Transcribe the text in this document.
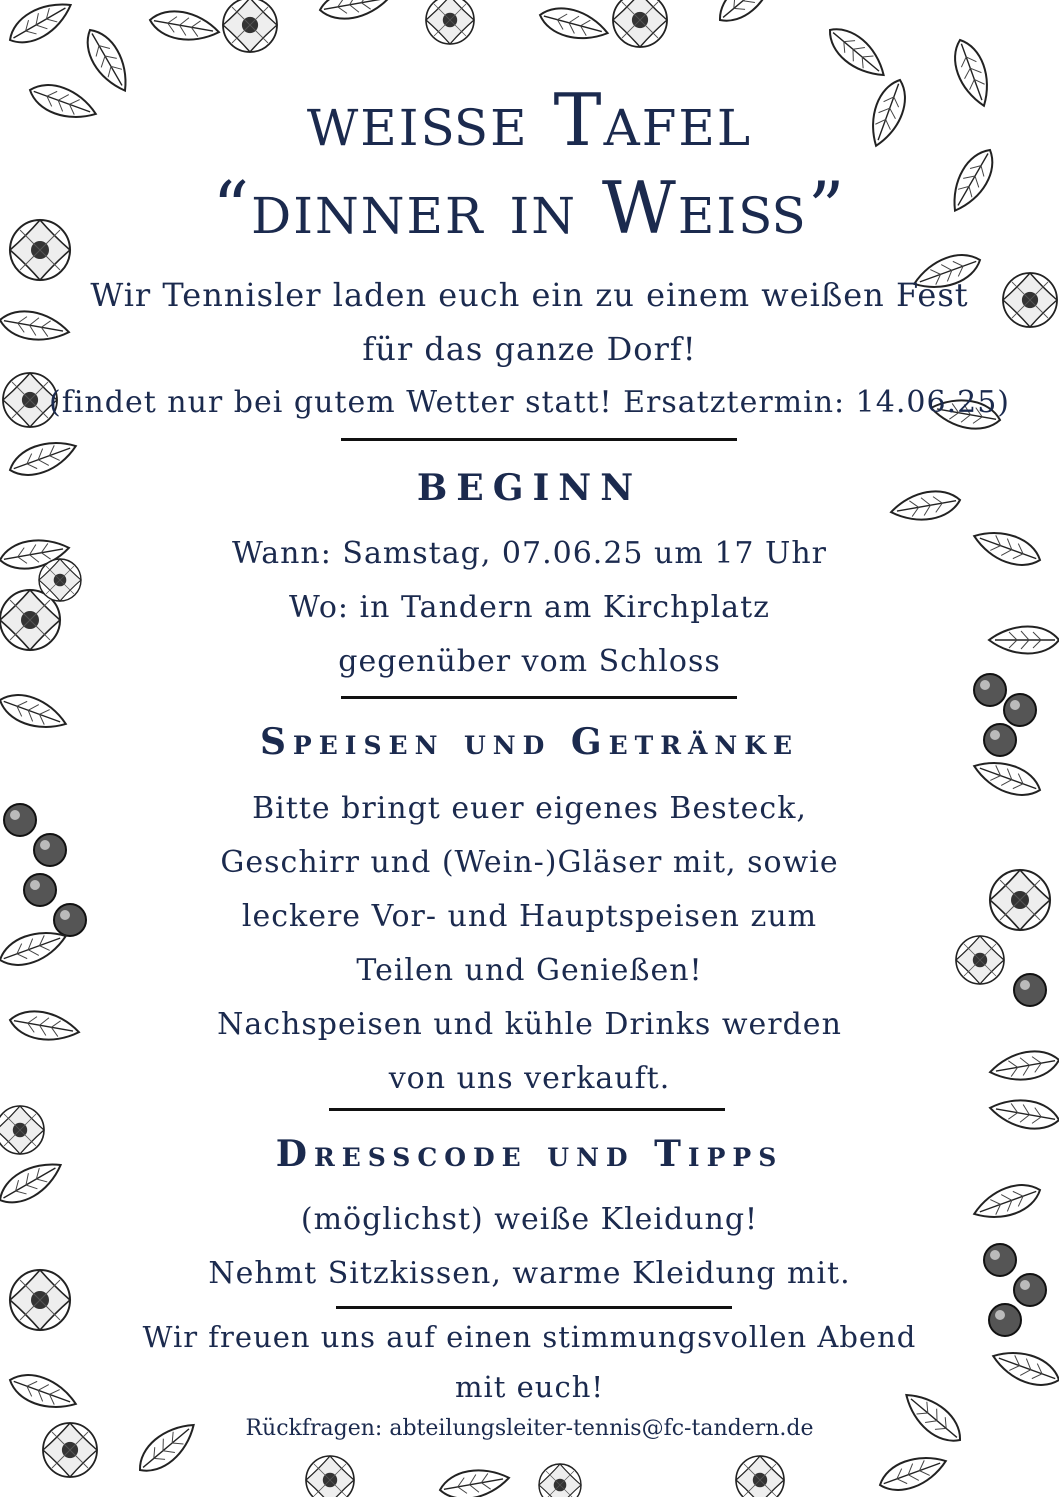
weiße Tafel
“dinner in Weiß”
Wir Tennisler laden euch ein zu einem weißen Fest
für das ganze Dorf!
(findet nur bei gutem Wetter statt! Ersatztermin: 14.06.25)
BEGINN
Wann: Samstag, 07.06.25 um 17 Uhr
Wo: in Tandern am Kirchplatz
gegenüber vom Schloss
Speisen und Getränke
Bitte bringt euer eigenes Besteck,
Geschirr und (Wein-)Gläser mit, sowie
leckere Vor- und Hauptspeisen zum
Teilen und Genießen!
Nachspeisen und kühle Drinks werden
von uns verkauft.
Dresscode und Tipps
(möglichst) weiße Kleidung!
Nehmt Sitzkissen, warme Kleidung mit.
Wir freuen uns auf einen stimmungsvollen Abend
mit euch!
Rückfragen: abteilungsleiter-tennis@fc-tandern.de
